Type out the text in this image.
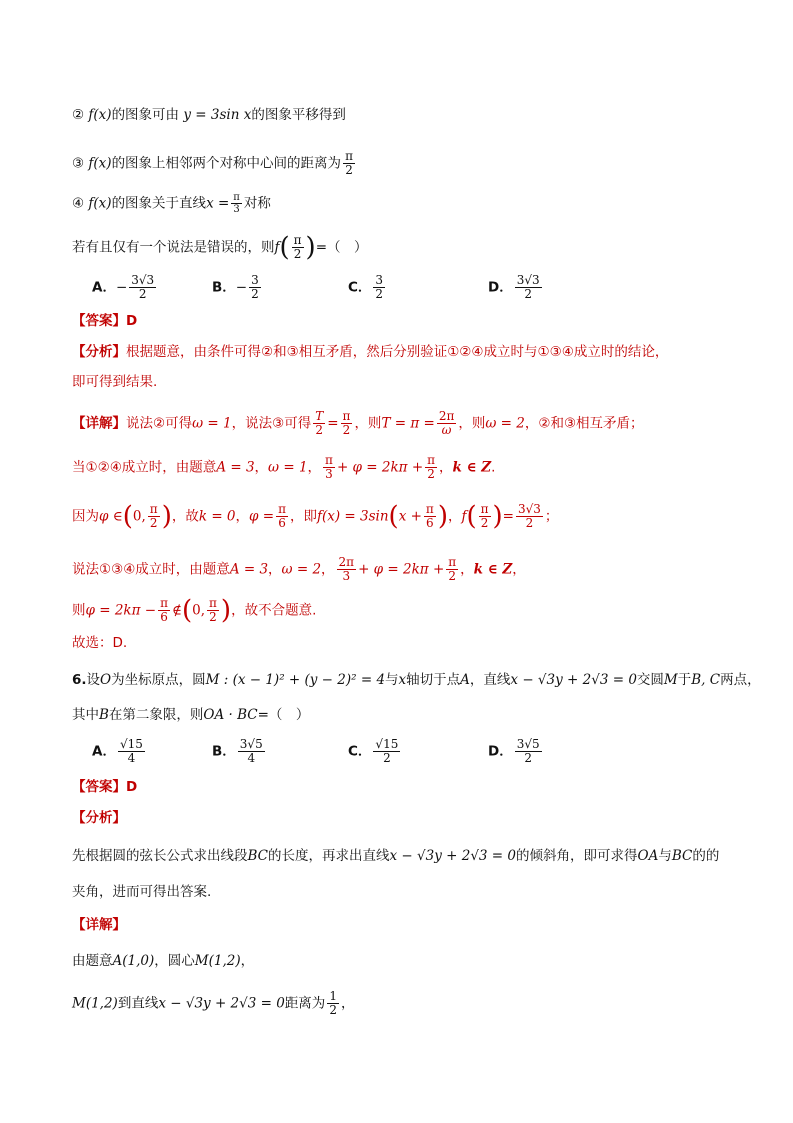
② f(x)的图象可由 y = 3sin x的图象平移得到
③ f(x)的图象上相邻两个对称中心间的距离为 $\frac{\pi}{2}$
④ f(x)的图象关于直线$x = \frac{\pi}{3}$ 对称
若有且仅有一个说法是错误的，则$f( \frac{\pi}{2}$ )=（　）
A．− $\frac{3√3}{2}$	B．− $\frac{3}{2}$	C． $\frac{3}{2}$	D． $\frac{3√3}{2}$
【答案】D
【分析】根据题意，由条件可得②和③相互矛盾，然后分别验证①②④成立时与①③④成立时的结论，
即可得到结果.
【详解】说法②可得ω = 1，说法③可得 $\frac{T}{2} = \frac{\pi}{2}$ ，则$T = \pi = \frac{2\pi}{\omega}$ ，则ω = 2，②和③相互矛盾；
当①②④成立时，由题意A = 3，ω = 1， $\frac{\pi}{3} + \varphi = 2k\pi + \frac{\pi}{2}$ ，k ∈ Z.
因为φ ∈(0, $\frac{\pi}{2}$ )，故k = 0，$\varphi = \frac{\pi}{6}$ ，即$f(x) = 3\sin(x + \frac{\pi}{6}$ )，$f( \frac{\pi}{2}$ )= $\frac{3√3}{2}$ ；
说法①③④成立时，由题意A = 3，ω = 2， $\frac{2\pi}{3} + \varphi = 2k\pi + \frac{\pi}{2}$ ，k ∈ Z，
则$\varphi = 2k\pi - \frac{\pi}{6}$ ∉(0, $\frac{\pi}{2}$ )，故不合题意.
故选：D.
6.设O为坐标原点，圆M : (x − 1)² + (y − 2)² = 4与x轴切于点A，直线x − √3y + 2√3 = 0交圆M于B, C两点，
其中B在第二象限，则OA · BC=（　）
A． $\frac{√15}{4}$	B． $\frac{3√5}{4}$	C． $\frac{√15}{2}$	D． $\frac{3√5}{2}$
【答案】D
【分析】
先根据圆的弦长公式求出线段BC的长度，再求出直线x − √3y + 2√3 = 0的倾斜角，即可求得OA与BC的的
夹角，进而可得出答案.
【详解】
由题意A(1,0)，圆心M(1,2)，
M(1,2)到直线x − √3y + 2√3 = 0距离为 $\frac{1}{2}$ ，
